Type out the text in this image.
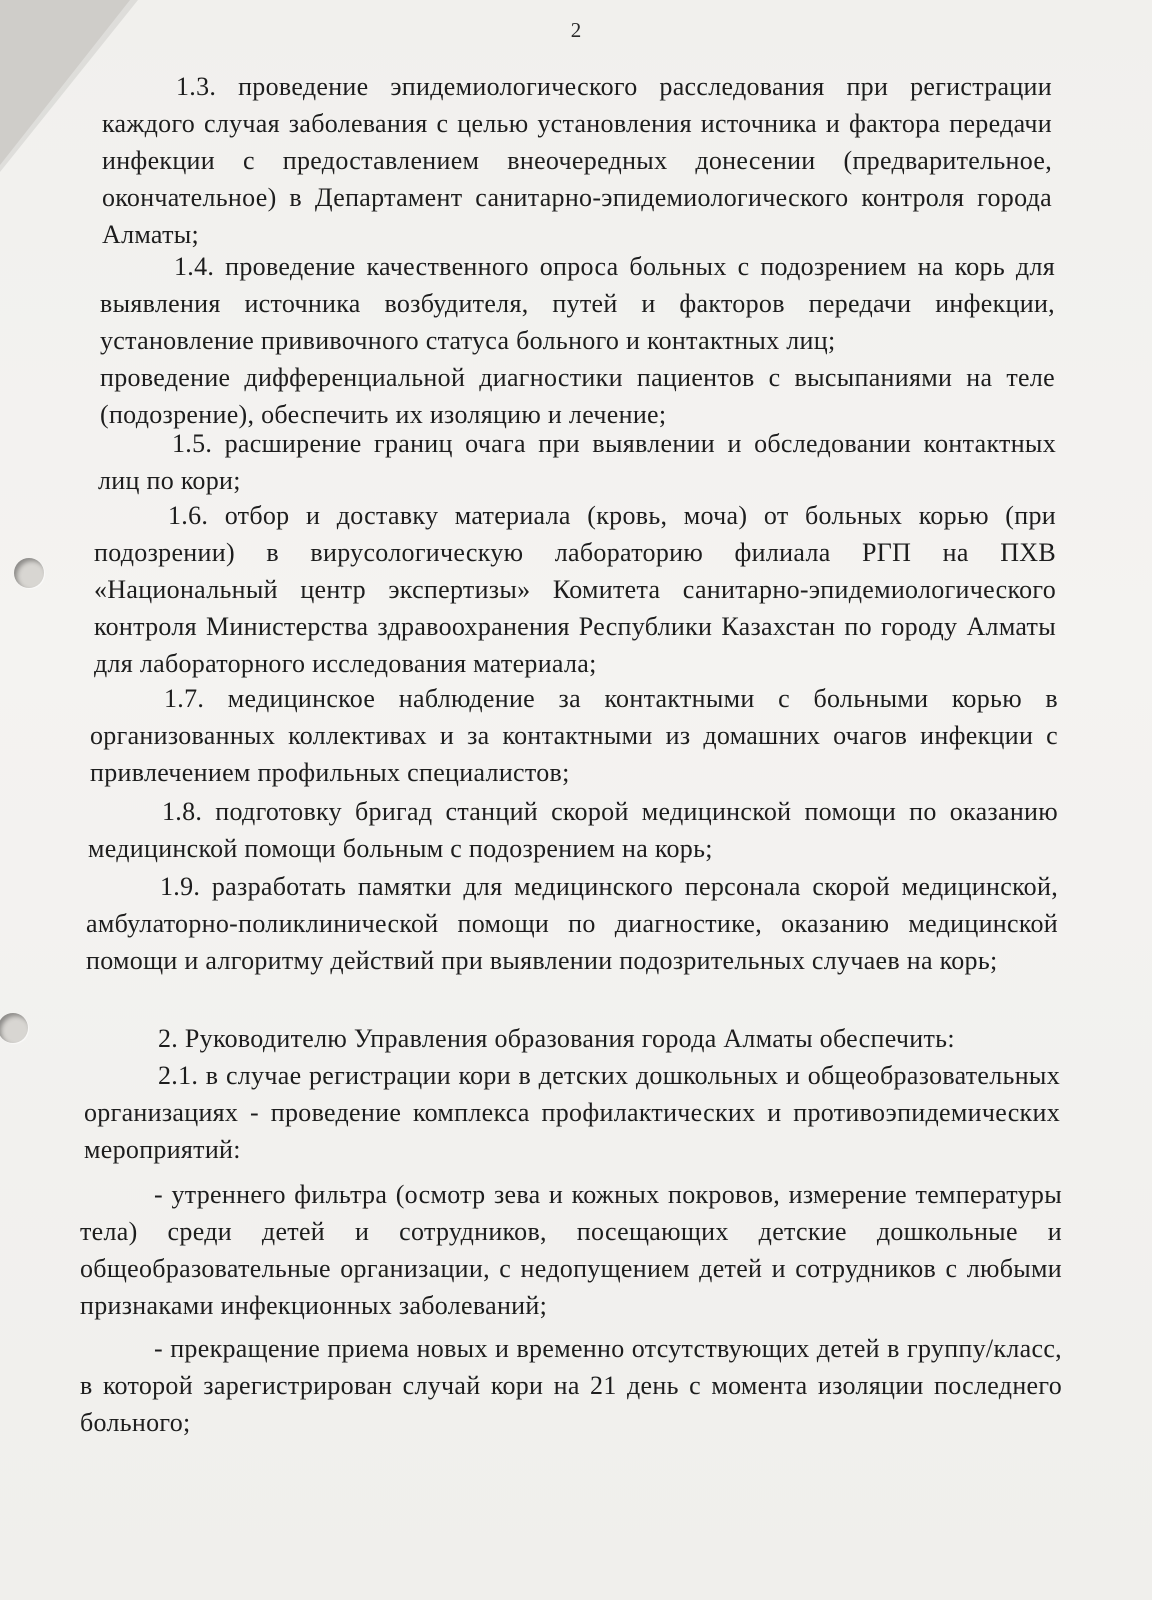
2

1.3. проведение эпидемиологического расследования при регистрации каждого случая заболевания с целью установления источника и фактора передачи инфекции с предоставлением внеочередных донесении (предварительное, окончательное) в Департамент санитарно-эпидемиологического контроля города Алматы;

1.4. проведение качественного опроса больных с подозрением на корь для выявления источника возбудителя, путей и факторов передачи инфекции, установление прививочного статуса больного и контактных лиц;

проведение дифференциальной диагностики пациентов с высыпаниями на теле (подозрение), обеспечить их изоляцию и лечение;

1.5. расширение границ очага при выявлении и обследовании контактных лиц по кори;

1.6. отбор и доставку материала (кровь, моча) от больных корью (при подозрении) в вирусологическую лабораторию филиала РГП на ПХВ «Национальный центр экспертизы» Комитета санитарно-эпидемиологического контроля Министерства здравоохранения Республики Казахстан по городу Алматы для лабораторного исследования материала;

1.7. медицинское наблюдение за контактными с больными корью в организованных коллективах и за контактными из домашних очагов инфекции с привлечением профильных специалистов;

1.8. подготовку бригад станций скорой медицинской помощи по оказанию медицинской помощи больным с подозрением на корь;

1.9. разработать памятки для медицинского персонала скорой медицинской, амбулаторно-поликлинической помощи по диагностике, оказанию медицинской помощи и алгоритму действий при выявлении подозрительных случаев на корь;

2. Руководителю Управления образования города Алматы обеспечить:

2.1. в случае регистрации кори в детских дошкольных и общеобразовательных организациях - проведение комплекса профилактических и противоэпидемических мероприятий:

- утреннего фильтра (осмотр зева и кожных покровов, измерение температуры тела) среди детей и сотрудников, посещающих детские дошкольные и общеобразовательные организации, с недопущением детей и сотрудников с любыми признаками инфекционных заболеваний;

- прекращение приема новых и временно отсутствующих детей в группу/класс, в которой зарегистрирован случай кори на 21 день с момента изоляции последнего больного;
